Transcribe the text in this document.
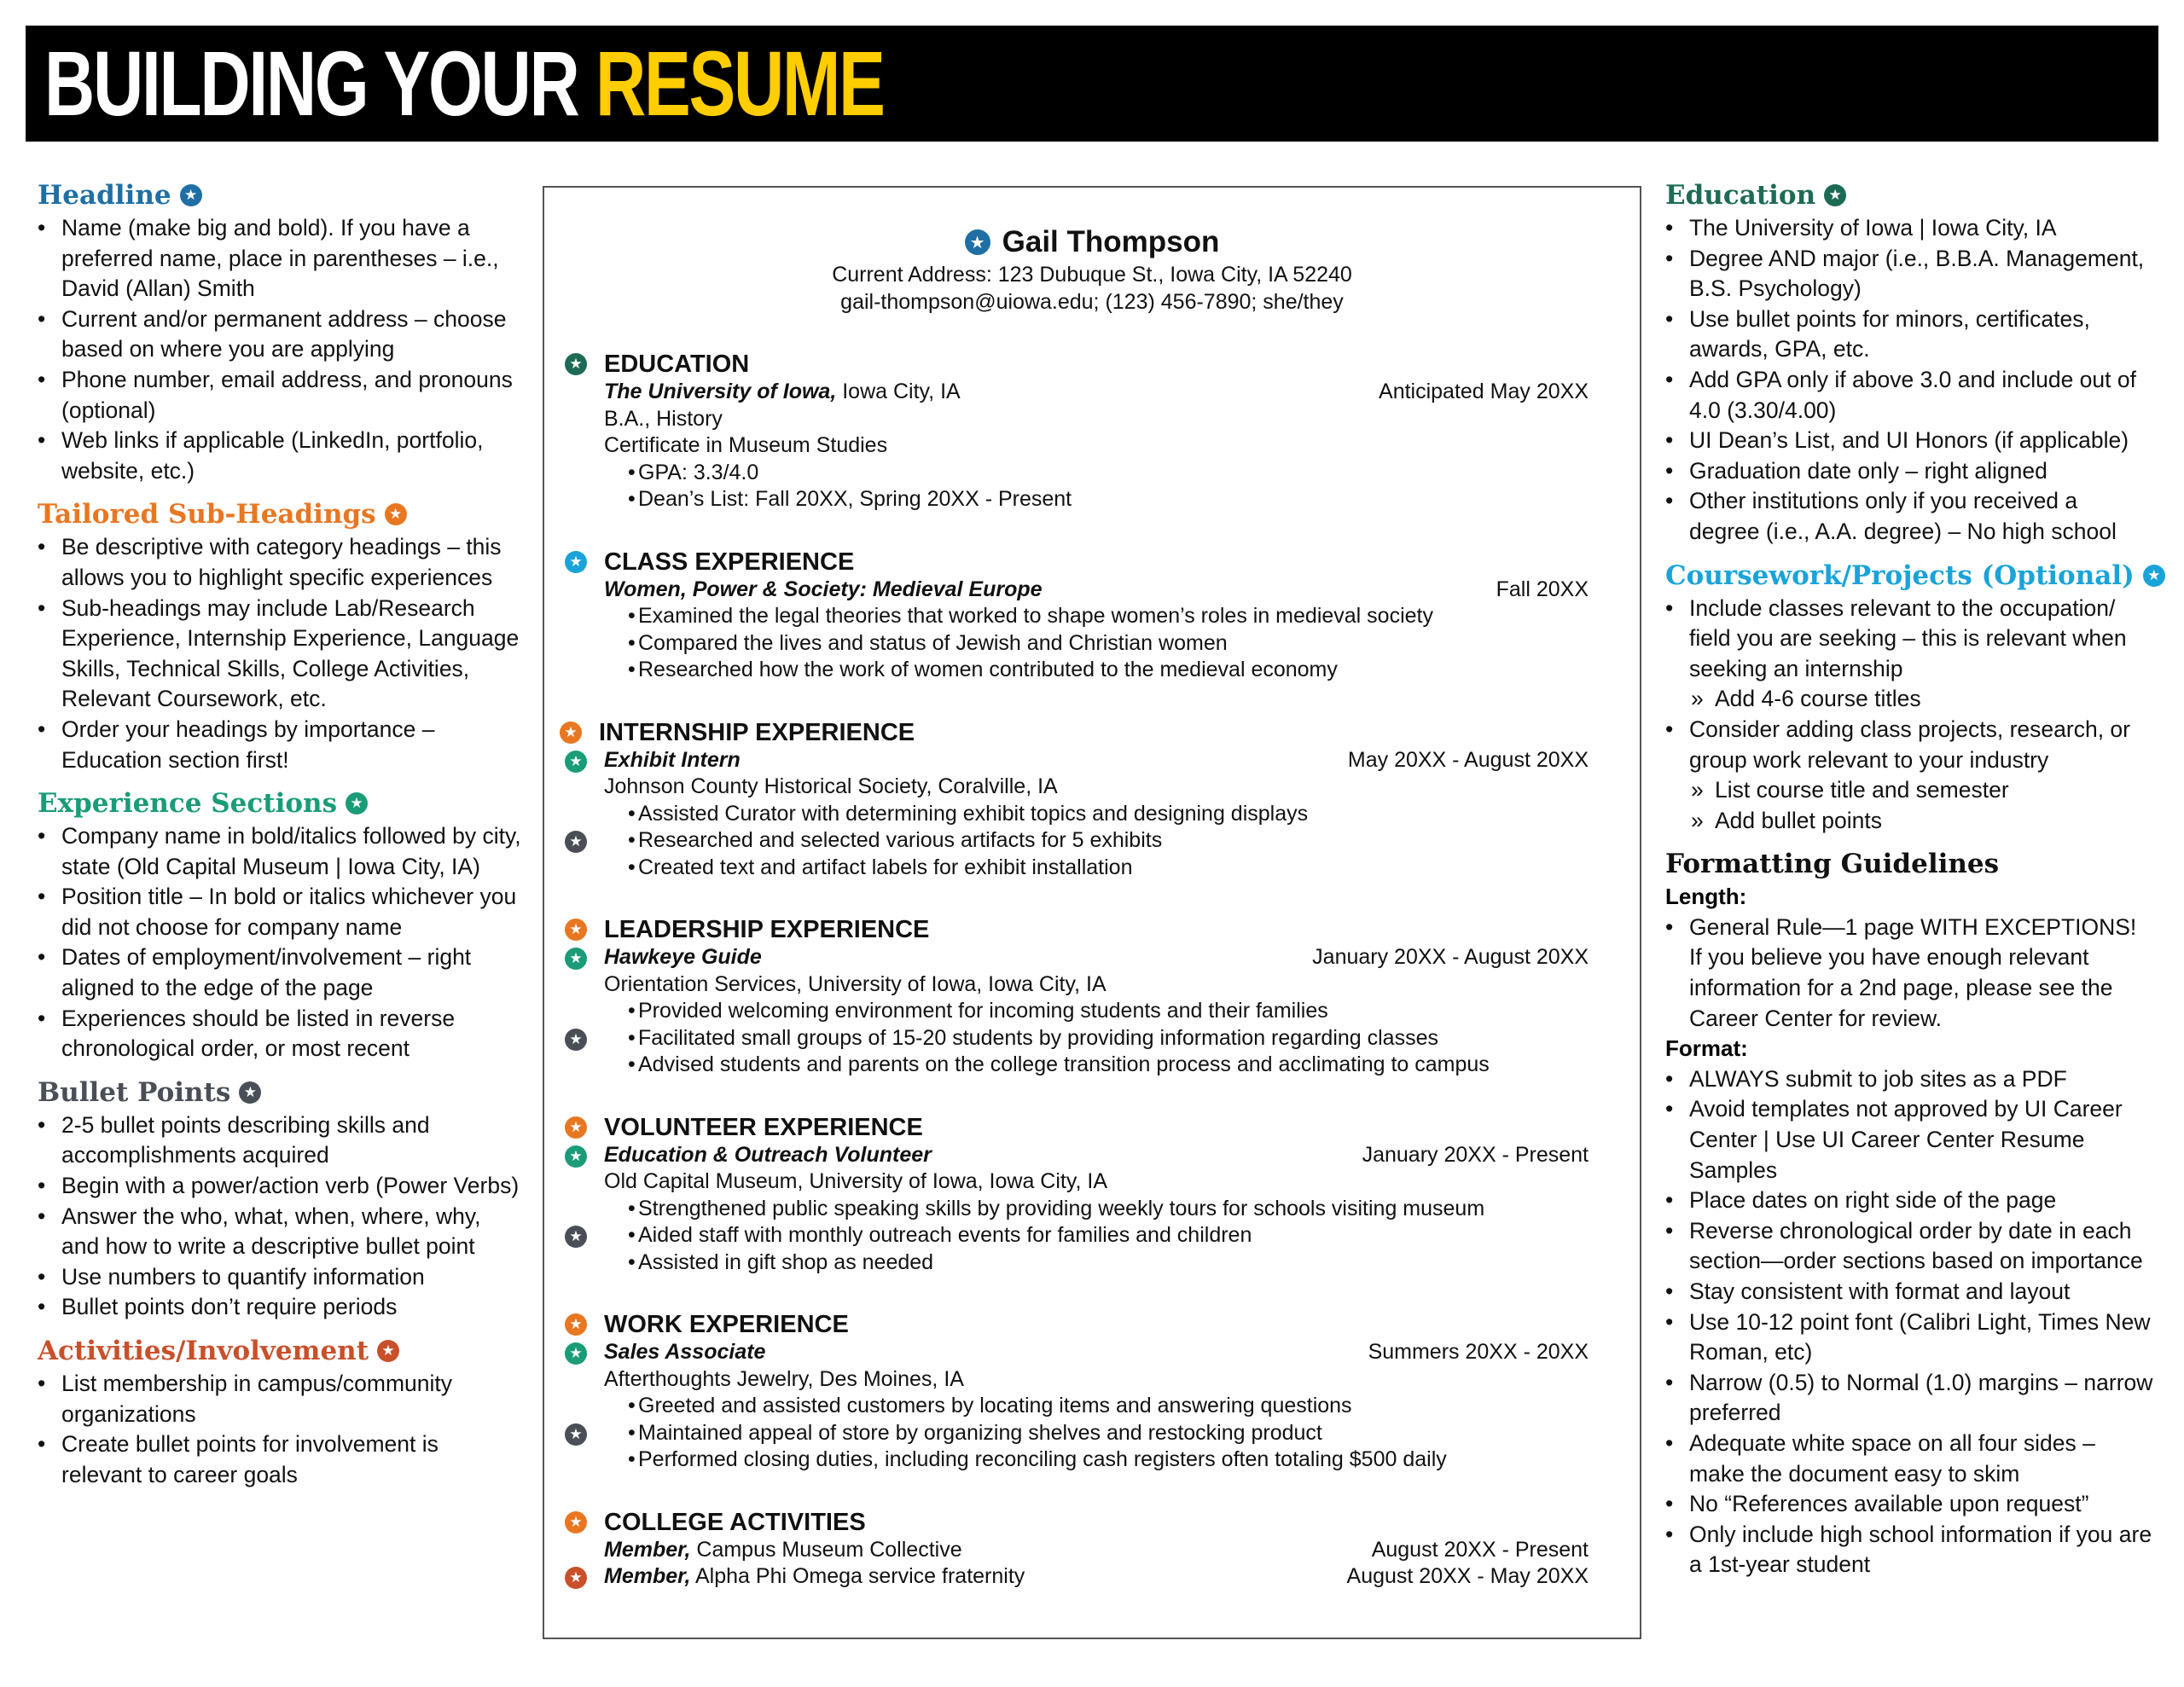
BUILDING YOUR RESUME
Headline
★
• Name (make big and bold). If you have a preferred name, place in parentheses – i.e., David (Allan) Smith
• Current and/or permanent address – choose based on where you are applying
• Phone number, email address, and pronouns (optional)
• Web links if applicable (LinkedIn, portfolio, website, etc.)
Tailored Sub-Headings
★
• Be descriptive with category headings – this allows you to highlight specific experiences
• Sub-headings may include Lab/Research Experience, Internship Experience, Language Skills, Technical Skills, College Activities, Relevant Coursework, etc.
• Order your headings by importance – Education section first!
Experience Sections
★
• Company name in bold/italics followed by city, state (Old Capital Museum | Iowa City, IA)
• Position title – In bold or italics whichever you did not choose for company name
• Dates of employment/involvement – right aligned to the edge of the page
• Experiences should be listed in reverse chronological order, or most recent
Bullet Points
★
• 2-5 bullet points describing skills and accomplishments acquired
• Begin with a power/action verb (Power Verbs)
• Answer the who, what, when, where, why, and how to write a descriptive bullet point
• Use numbers to quantify information
• Bullet points don’t require periods
Activities/Involvement
★
• List membership in campus/community organizations
• Create bullet points for involvement is relevant to career goals
★
Gail Thompson
Current Address: 123 Dubuque St., Iowa City, IA 52240
gail-thompson@uiowa.edu; (123) 456-7890; she/they
★
EDUCATION
The University of Iowa, Iowa City, IA	Anticipated May 20XX
B.A., History
Certificate in Museum Studies
• GPA: 3.3/4.0
• Dean’s List: Fall 20XX, Spring 20XX - Present
★
CLASS EXPERIENCE
Women, Power & Society: Medieval Europe	Fall 20XX
• Examined the legal theories that worked to shape women’s roles in medieval society
• Compared the lives and status of Jewish and Christian women
• Researched how the work of women contributed to the medieval economy
★
INTERNSHIP EXPERIENCE
★
Exhibit Intern	May 20XX - August 20XX
Johnson County Historical Society, Coralville, IA
• Assisted Curator with determining exhibit topics and designing displays
★
• Researched and selected various artifacts for 5 exhibits
• Created text and artifact labels for exhibit installation
★
LEADERSHIP EXPERIENCE
★
Hawkeye Guide	January 20XX - August 20XX
Orientation Services, University of Iowa, Iowa City, IA
• Provided welcoming environment for incoming students and their families
★
• Facilitated small groups of 15-20 students by providing information regarding classes
• Advised students and parents on the college transition process and acclimating to campus
★
VOLUNTEER EXPERIENCE
★
Education & Outreach Volunteer	January 20XX - Present
Old Capital Museum, University of Iowa, Iowa City, IA
• Strengthened public speaking skills by providing weekly tours for schools visiting museum
★
• Aided staff with monthly outreach events for families and children
• Assisted in gift shop as needed
★
WORK EXPERIENCE
★
Sales Associate	Summers 20XX - 20XX
Afterthoughts Jewelry, Des Moines, IA
• Greeted and assisted customers by locating items and answering questions
★
• Maintained appeal of store by organizing shelves and restocking product
• Performed closing duties, including reconciling cash registers often totaling $500 daily
★
COLLEGE ACTIVITIES
Member, Campus Museum Collective	August 20XX - Present
★
Member, Alpha Phi Omega service fraternity	August 20XX - May 20XX
Education
★
• The University of Iowa | Iowa City, IA
• Degree AND major (i.e., B.B.A. Management, B.S. Psychology)
• Use bullet points for minors, certificates, awards, GPA, etc.
• Add GPA only if above 3.0 and include out of 4.0 (3.30/4.00)
• UI Dean’s List, and UI Honors (if applicable)
• Graduation date only – right aligned
• Other institutions only if you received a degree (i.e., A.A. degree) – No high school
Coursework/Projects (Optional)
★
• Include classes relevant to the occupation/ field you are seeking – this is relevant when seeking an internship
» Add 4-6 course titles
• Consider adding class projects, research, or group work relevant to your industry
» List course title and semester
» Add bullet points
Formatting Guidelines
Length:
• General Rule—1 page WITH EXCEPTIONS! If you believe you have enough relevant information for a 2nd page, please see the Career Center for review.
Format:
• ALWAYS submit to job sites as a PDF
• Avoid templates not approved by UI Career Center | Use UI Career Center Resume Samples
• Place dates on right side of the page
• Reverse chronological order by date in each section—order sections based on importance
• Stay consistent with format and layout
• Use 10-12 point font (Calibri Light, Times New Roman, etc)
• Narrow (0.5) to Normal (1.0) margins – narrow preferred
• Adequate white space on all four sides – make the document easy to skim
• No “References available upon request”
• Only include high school information if you are a 1st-year student
